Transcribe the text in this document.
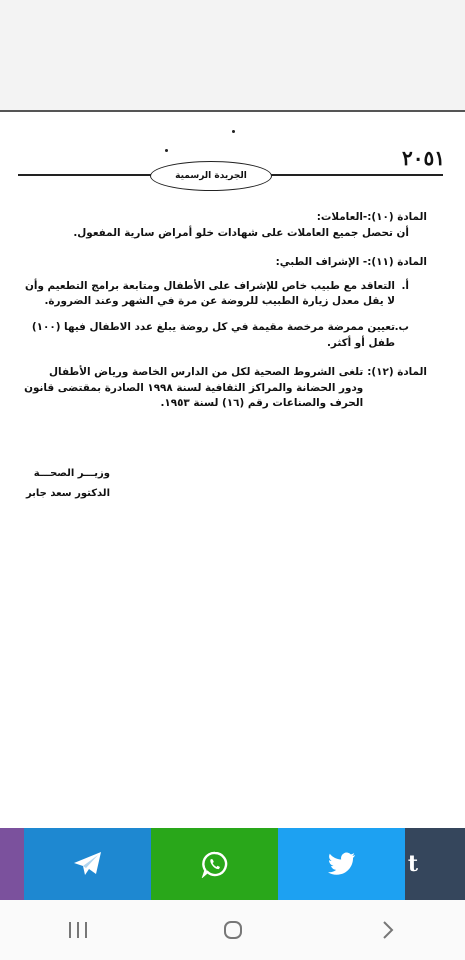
٢٠٥١
الجريدة الرسمية
المادة (١٠):-العاملات:
أن تحصل جميع العاملات على شهادات خلو أمراض سارية المفعول.
المادة (١١):- الإشراف الطبي:
أ.
التعاقد مع طبيب خاص للإشراف على الأطفال ومتابعة برامج التطعيم وأن لا يقل معدل زيارة الطبيب للروضة عن مرة في الشهر وعند الضرورة.
ب.
تعيين ممرضة مرخصة مقيمة في كل روضة يبلغ عدد الاطفال فيها (١٠٠) طفل أو أكثر.
المادة (١٢):
تلغى الشروط الصحية لكل من الدارس الخاصة ورياض الأطفال ودور الحضانة والمراكز الثقافية لسنة ١٩٩٨ الصادرة بمقتضى قانون الحرف والصناعات رقم (١٦) لسنة ١٩٥٣.
وزيـــر الصحـــة
الدكتور سعد جابر
t
